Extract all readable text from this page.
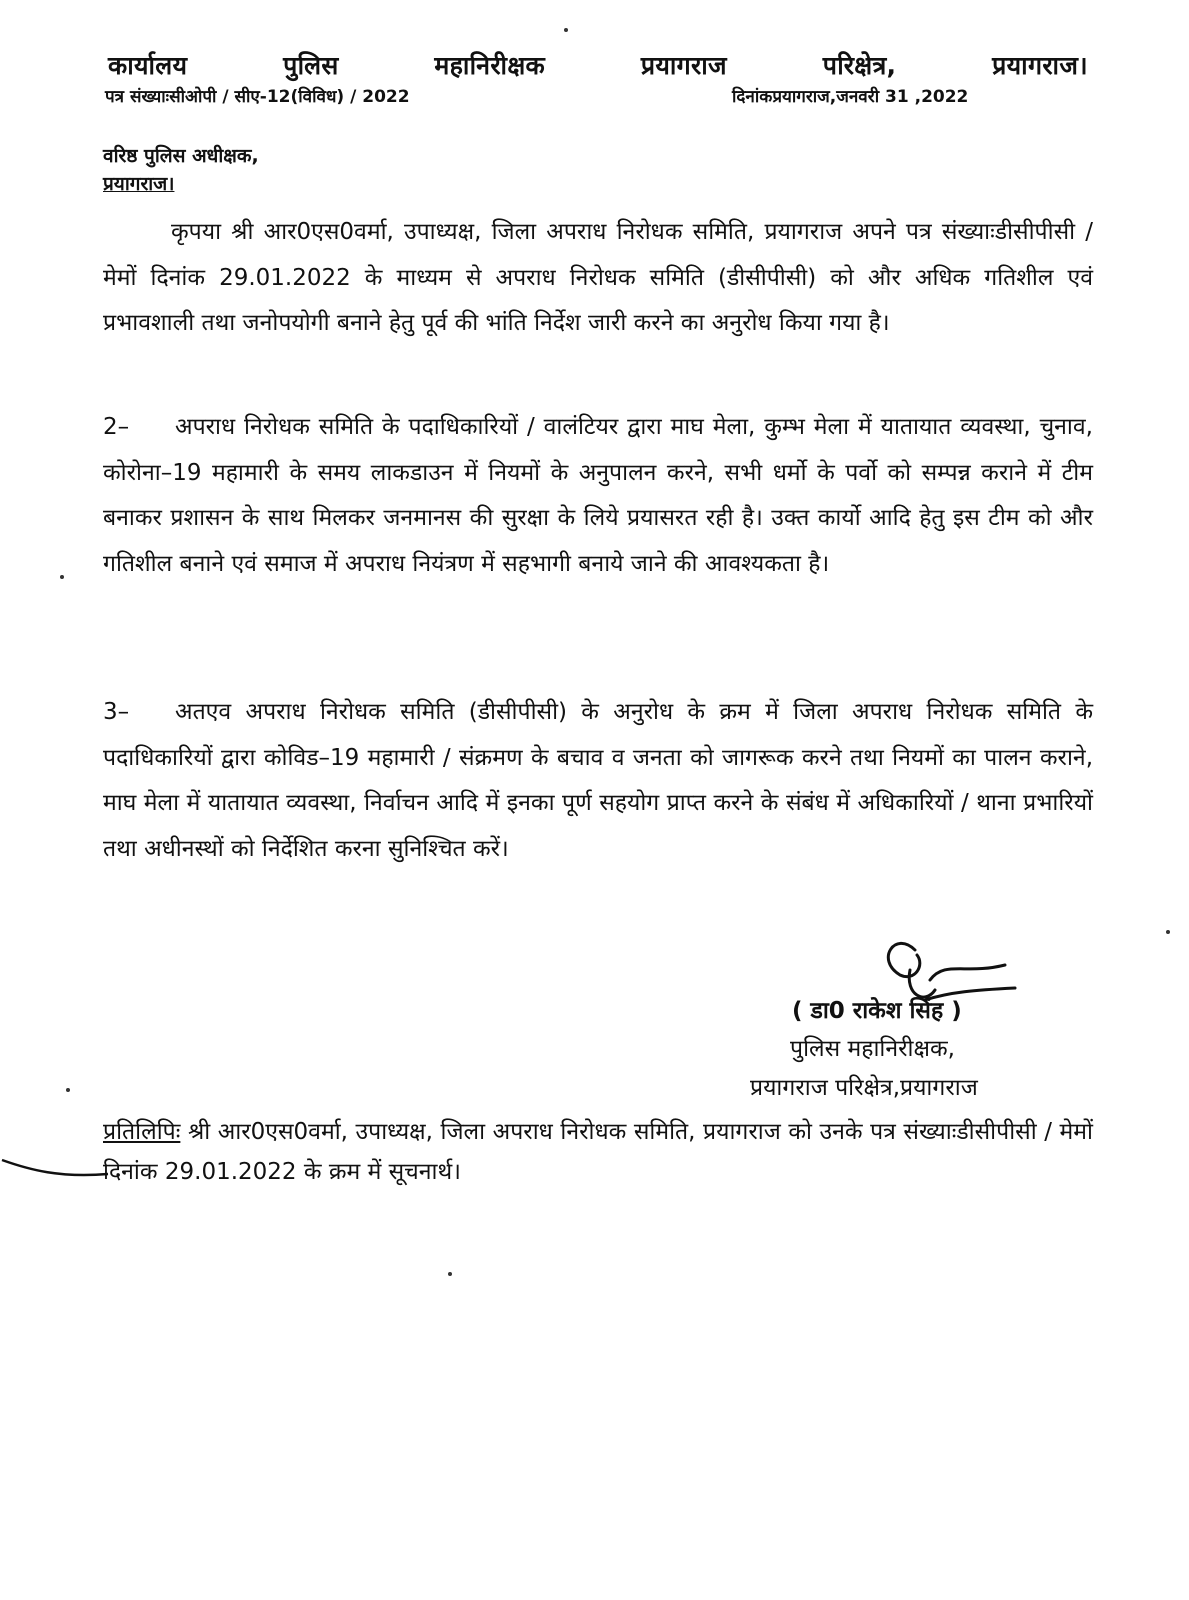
कार्यालय	पुलिस	महानिरीक्षक	प्रयागराज	परिक्षेत्र,	प्रयागराज।
पत्र संख्याःसीओपी / सीए-12(विविध) / 2022	दिनांकप्रयागराज,जनवरी 31 ,2022
वरिष्ठ पुलिस अधीक्षक,
प्रयागराज।

कृपया श्री आर0एस0वर्मा, उपाध्यक्ष, जिला अपराध निरोधक समिति, प्रयागराज अपने पत्र संख्याःडीसीपीसी / मेमों दिनांक 29.01.2022 के माध्यम से अपराध निरोधक समिति (डीसीपीसी) को और अधिक गतिशील एवं प्रभावशाली तथा जनोपयोगी बनाने हेतु पूर्व की भांति निर्देश जारी करने का अनुरोध किया गया है।

2– अपराध निरोधक समिति के पदाधिकारियों / वालंटियर द्वारा माघ मेला, कुम्भ मेला में यातायात व्यवस्था, चुनाव, कोरोना–19 महामारी के समय लाकडाउन में नियमों के अनुपालन करने, सभी धर्मो के पर्वो को सम्पन्न कराने में टीम बनाकर प्रशासन के साथ मिलकर जनमानस की सुरक्षा के लिये प्रयासरत रही है। उक्त कार्यो आदि हेतु इस टीम को और गतिशील बनाने एवं समाज में अपराध नियंत्रण में सहभागी बनाये जाने की आवश्यकता है।

3– अतएव अपराध निरोधक समिति (डीसीपीसी) के अनुरोध के क्रम में जिला अपराध निरोधक समिति के पदाधिकारियों द्वारा कोविड–19 महामारी / संक्रमण के बचाव व जनता को जागरूक करने तथा नियमों का पालन कराने, माघ मेला में यातायात व्यवस्था, निर्वाचन आदि में इनका पूर्ण सहयोग प्राप्त करने के संबंध में अधिकारियों / थाना प्रभारियों तथा अधीनस्थों को निर्देशित करना सुनिश्चित करें।

( डा0 राकेश सिंह )
पुलिस महानिरीक्षक,
प्रयागराज परिक्षेत्र,प्रयागराज

प्रतिलिपिः श्री आर0एस0वर्मा, उपाध्यक्ष, जिला अपराध निरोधक समिति, प्रयागराज को उनके पत्र संख्याःडीसीपीसी / मेमों दिनांक 29.01.2022 के क्रम में सूचनार्थ।
